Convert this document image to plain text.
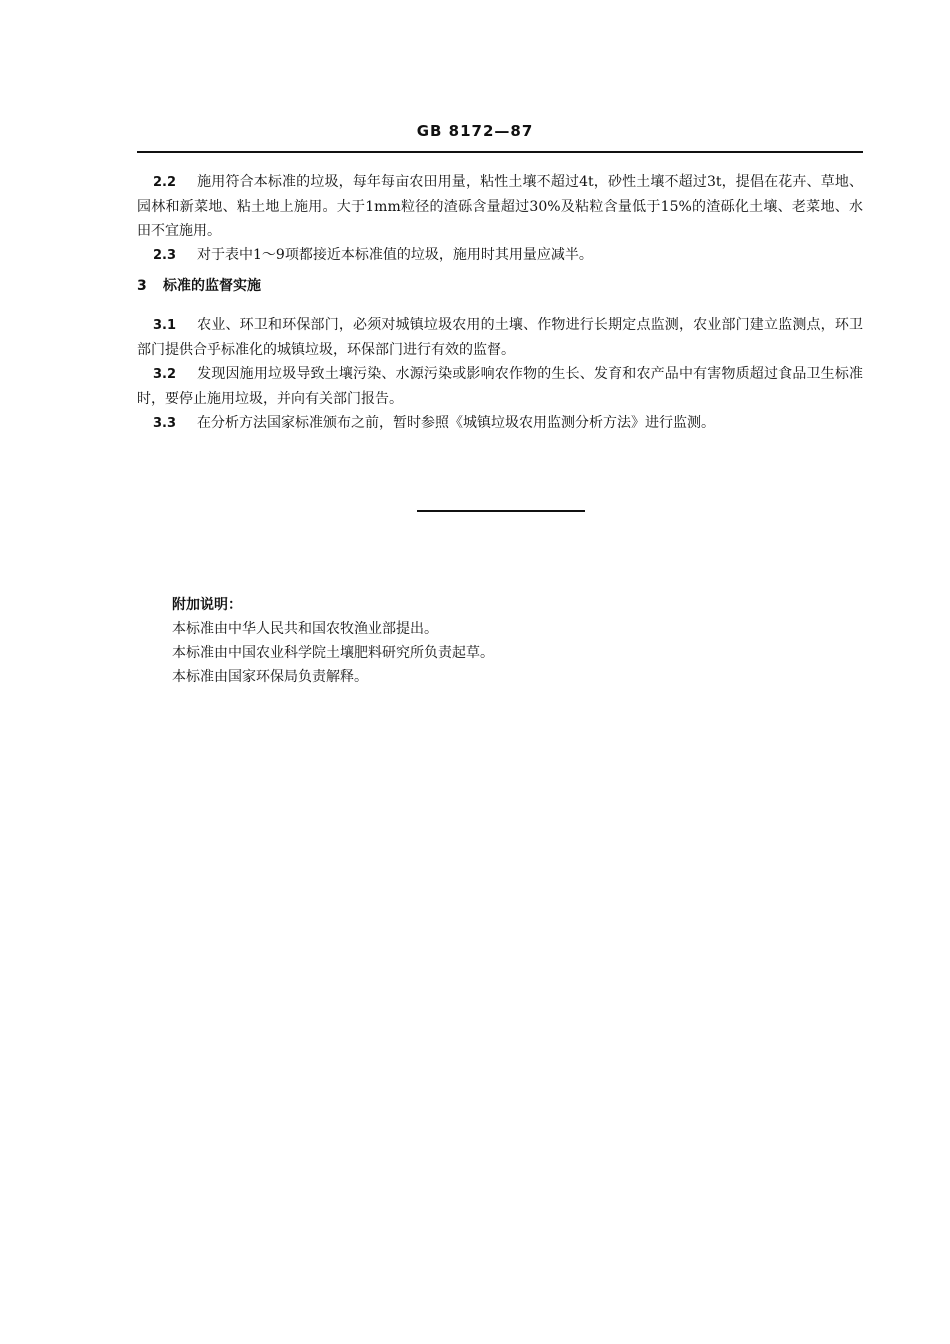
GB 8172—87

2.2 施用符合本标准的垃圾，每年每亩农田用量，粘性土壤不超过4t，砂性土壤不超过3t，提倡在花卉、草地、园林和新菜地、粘土地上施用。大于1mm粒径的渣砾含量超过30%及粘粒含量低于15%的渣砾化土壤、老菜地、水田不宜施用。

2.3 对于表中1～9项都接近本标准值的垃圾，施用时其用量应减半。

3 标准的监督实施

3.1 农业、环卫和环保部门，必须对城镇垃圾农用的土壤、作物进行长期定点监测，农业部门建立监测点，环卫部门提供合乎标准化的城镇垃圾，环保部门进行有效的监督。

3.2 发现因施用垃圾导致土壤污染、水源污染或影响农作物的生长、发育和农产品中有害物质超过食品卫生标准时，要停止施用垃圾，并向有关部门报告。

3.3 在分析方法国家标准颁布之前，暂时参照《城镇垃圾农用监测分析方法》进行监测。

附加说明：
本标准由中华人民共和国农牧渔业部提出。
本标准由中国农业科学院土壤肥料研究所负责起草。
本标准由国家环保局负责解释。
